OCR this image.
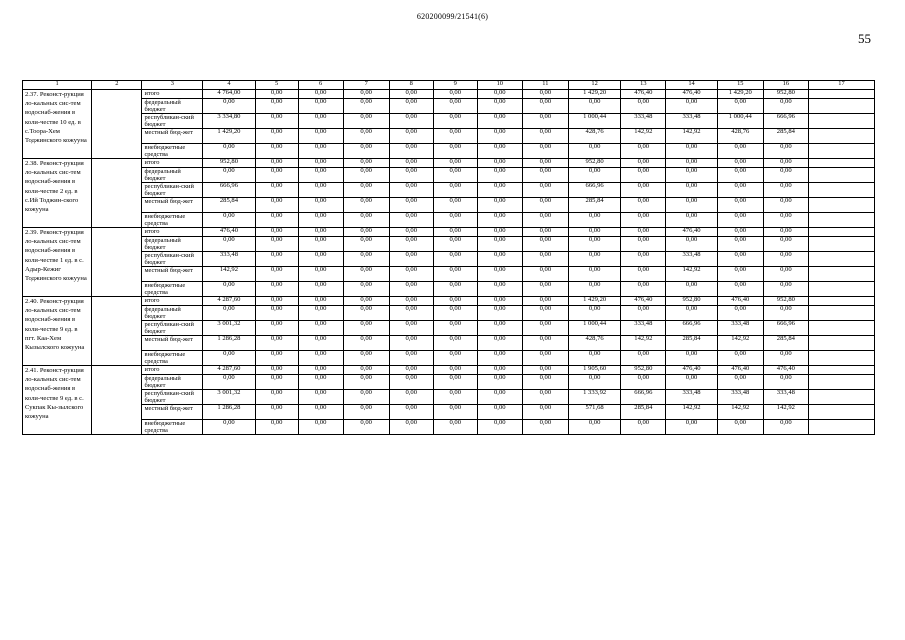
620200099/21541(6)
55
1	2	3	4	5	6	7	8	9	10	11	12	13	14	15	16	17
2.37. Реконст-рукция ло-кальных сис-тем водоснаб-жения в коли-честве 10 ед. в с.Тоора-Хем Тоджинского кожууна		итого	4 764,00	0,00	0,00	0,00	0,00	0,00	0,00	0,00	1 429,20	476,40	476,40	1 429,20	952,80	
		федеральный бюджет	0,00	0,00	0,00	0,00	0,00	0,00	0,00	0,00	0,00	0,00	0,00	0,00	0,00	
		республикан-ский бюджет	3 334,80	0,00	0,00	0,00	0,00	0,00	0,00	0,00	1 000,44	333,48	333,48	1 000,44	666,96	
		местный бюд-жет	1 429,20	0,00	0,00	0,00	0,00	0,00	0,00	0,00	428,76	142,92	142,92	428,76	285,84	
		внебюджетные средства	0,00	0,00	0,00	0,00	0,00	0,00	0,00	0,00	0,00	0,00	0,00	0,00	0,00	
2.38. Реконст-рукция ло-кальных сис-тем водоснаб-жения в коли-честве 2 ед. в с.Ий Тоджин-ского кожууна		итого	952,80	0,00	0,00	0,00	0,00	0,00	0,00	0,00	952,80	0,00	0,00	0,00	0,00	
		федеральный бюджет	0,00	0,00	0,00	0,00	0,00	0,00	0,00	0,00	0,00	0,00	0,00	0,00	0,00	
		республикан-ский бюджет	666,96	0,00	0,00	0,00	0,00	0,00	0,00	0,00	666,96	0,00	0,00	0,00	0,00	
		местный бюд-жет	285,84	0,00	0,00	0,00	0,00	0,00	0,00	0,00	285,84	0,00	0,00	0,00	0,00	
		внебюджетные средства	0,00	0,00	0,00	0,00	0,00	0,00	0,00	0,00	0,00	0,00	0,00	0,00	0,00	
2.39. Реконст-рукция ло-кальных сис-тем водоснаб-жения в коли-честве 1 ед. в с. Адыр-Кежиг Тоджинского кожууна		итого	476,40	0,00	0,00	0,00	0,00	0,00	0,00	0,00	0,00	0,00	476,40	0,00	0,00	
		федеральный бюджет	0,00	0,00	0,00	0,00	0,00	0,00	0,00	0,00	0,00	0,00	0,00	0,00	0,00	
		республикан-ский бюджет	333,48	0,00	0,00	0,00	0,00	0,00	0,00	0,00	0,00	0,00	333,48	0,00	0,00	
		местный бюд-жет	142,92	0,00	0,00	0,00	0,00	0,00	0,00	0,00	0,00	0,00	142,92	0,00	0,00	
		внебюджетные средства	0,00	0,00	0,00	0,00	0,00	0,00	0,00	0,00	0,00	0,00	0,00	0,00	0,00	
2.40. Реконст-рукция ло-кальных сис-тем водоснаб-жения в коли-честве 9 ед. в пгт. Каа-Хем Кызылского кожууна		итого	4 287,60	0,00	0,00	0,00	0,00	0,00	0,00	0,00	1 429,20	476,40	952,80	476,40	952,80	
		федеральный бюджет	0,00	0,00	0,00	0,00	0,00	0,00	0,00	0,00	0,00	0,00	0,00	0,00	0,00	
		республикан-ский бюджет	3 001,32	0,00	0,00	0,00	0,00	0,00	0,00	0,00	1 000,44	333,48	666,96	333,48	666,96	
		местный бюд-жет	1 286,28	0,00	0,00	0,00	0,00	0,00	0,00	0,00	428,76	142,92	285,84	142,92	285,84	
		внебюджетные средства	0,00	0,00	0,00	0,00	0,00	0,00	0,00	0,00	0,00	0,00	0,00	0,00	0,00	
2.41. Реконст-рукция ло-кальных сис-тем водоснаб-жения в коли-честве 9 ед. в с. Сукпак Кы-зылского кожууна		итого	4 287,60	0,00	0,00	0,00	0,00	0,00	0,00	0,00	1 905,60	952,80	476,40	476,40	476,40	
		федеральный бюджет	0,00	0,00	0,00	0,00	0,00	0,00	0,00	0,00	0,00	0,00	0,00	0,00	0,00	
		республикан-ский бюджет	3 001,32	0,00	0,00	0,00	0,00	0,00	0,00	0,00	1 333,92	666,96	333,48	333,48	333,48	
		местный бюд-жет	1 286,28	0,00	0,00	0,00	0,00	0,00	0,00	0,00	571,68	285,84	142,92	142,92	142,92	
		внебюджетные средства	0,00	0,00	0,00	0,00	0,00	0,00	0,00	0,00	0,00	0,00	0,00	0,00	0,00	
